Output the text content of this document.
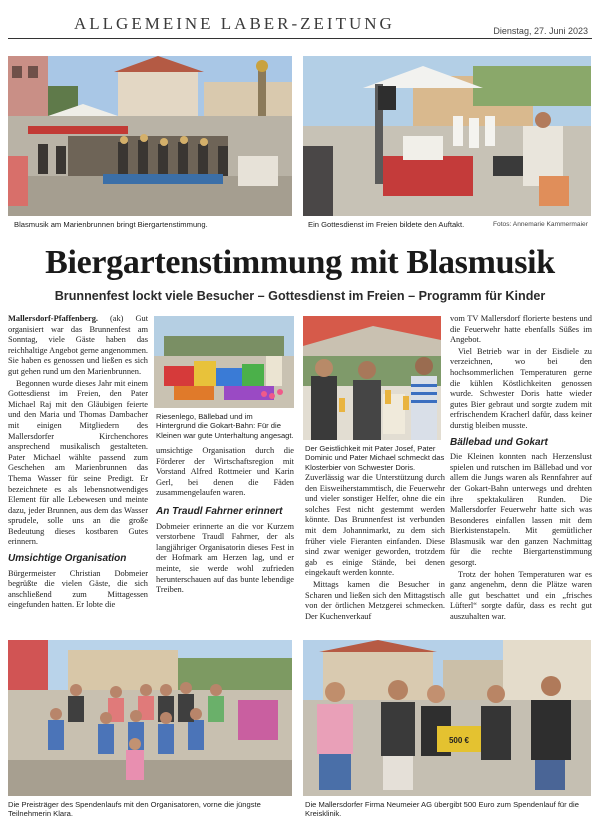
ALLGEMEINE LABER-ZEITUNG	Dienstag, 27. Juni 2023
Blasmusik am Marienbrunnen bringt Biergartenstimmung.	Ein Gottesdienst im Freien bildete den Auftakt.	Fotos: Annemarie Kammermaier
Biergartenstimmung mit Blasmusik
Brunnenfest lockt viele Besucher – Gottesdienst im Freien – Programm für Kinder

Mallersdorf-Pfaffenberg. (ak) Gut organisiert war das Brunnenfest am Sonntag, viele Gäste haben das reichhaltige Angebot gerne angenommen. Sie haben es genossen und ließen es sich gut gehen rund um den Marienbrunnen.

Begonnen wurde dieses Jahr mit einem Gottesdienst im Freien, den Pater Michael Raj mit den Gläubigen feierte und den Maria und Thomas Dambacher mit einigen Mitgliedern des Mallersdorfer Kirchenchores ansprechend musikalisch gestalteten. Pater Michael wählte passend zum Geschehen am Marienbrunnen das Thema Wasser für seine Predigt. Er bezeichnete es als lebensnotwendiges Element für alle Lebewesen und meinte dazu, jeder Brunnen, aus dem das Wasser sprudele, solle uns an die große Bedeutung dieses kostbaren Gutes erinnern.

Umsichtige Organisation

Bürgermeister Christian Dobmeier begrüßte die vielen Gäste, die sich anschließend zum Mittagessen eingefunden hatten. Er lobte die

Riesenlego, Bällebad und im Hintergrund die Gokart-Bahn: Für die Kleinen war gute Unterhaltung angesagt.

umsichtige Organisation durch die Förderer der Wirtschaftsregion mit Vorstand Alfred Rottmeier und Karin Gerl, bei denen die Fäden zusammengelaufen waren.

An Traudl Fahrner erinnert

Dobmeier erinnerte an die vor Kurzem verstorbene Traudl Fahrner, der als langjähriger Organisatorin dieses Fest in der Hofmark am Herzen lag, und er meinte, sie werde wohl zufrieden herunterschauen auf das bunte lebendige Treiben.

Der Geistlichkeit mit Pater Josef, Pater Dominic und Pater Michael schmeckt das Klosterbier von Schwester Doris.

Zuverlässig war die Unterstützung durch den Eisweiherstammtisch, die Feuerwehr und vieler sonstiger Helfer, ohne die ein solches Fest nicht gestemmt werden könnte. Das Brunnenfest ist verbunden mit dem Johannimarkt, zu dem sich früher viele Fieranten einfanden. Diese sind zwar weniger geworden, trotzdem gab es einige Stände, bei denen eingekauft werden konnte.

Mittags kamen die Besucher in Scharen und ließen sich den Mittagstisch von der örtlichen Metzgerei schmecken. Der Kuchenverkauf

vom TV Mallersdorf florierte bestens und die Feuerwehr hatte ebenfalls Süßes im Angebot.

Viel Betrieb war in der Eisdiele zu verzeichnen, wo bei den hochsommerlichen Temperaturen gerne die kühlen Köstlichkeiten genossen wurde. Schwester Doris hatte wieder gutes Bier gebraut und sorgte zudem mit erfrischendem Kracherl dafür, dass keiner durstig bleiben musste.

Bällebad und Gokart

Die Kleinen konnten nach Herzenslust spielen und rutschen im Bällebad und vor allem die Jungs waren als Rennfahrer auf der Gokart-Bahn unterwegs und drehten ihre spektakulären Runden. Die Mallersdorfer Feuerwehr hatte sich was Besonderes einfallen lassen mit dem Bierkistenstapeln. Mit gemütlicher Blasmusik war den ganzen Nachmittag für die rechte Biergartenstimmung gesorgt.

Trotz der hohen Temperaturen war es ganz angenehm, denn die Plätze waren alle gut beschattet und ein „frisches Lüfterl“ sorgte dafür, dass es recht gut auszuhalten war.

Die Preisträger des Spendenlaufs mit den Organisatoren, vorne die jüngste Teilnehmerin Klara.
500 €
Die Mallersdorfer Firma Neumeier AG übergibt 500 Euro zum Spendenlauf für die Kreisklinik.
